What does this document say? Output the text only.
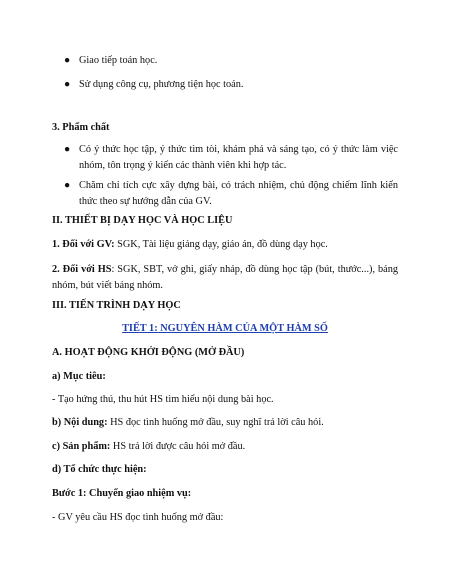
● Giao tiếp toán học.
● Sử dụng công cụ, phương tiện học toán.
3. Phẩm chất
● Có ý thức học tập, ý thức tìm tòi, khám phá và sáng tạo, có ý thức làm việc nhóm, tôn trọng ý kiến các thành viên khi hợp tác.
● Chăm chỉ tích cực xây dựng bài, có trách nhiệm, chủ động chiếm lĩnh kiến thức theo sự hướng dẫn của GV.
II. THIẾT BỊ DẠY HỌC VÀ HỌC LIỆU
1. Đối với GV: SGK, Tài liệu giảng dạy, giáo án, đồ dùng dạy học.
2. Đối với HS: SGK, SBT, vở ghi, giấy nháp, đồ dùng học tập (bút, thước...), bảng nhóm, bút viết bảng nhóm.
III. TIẾN TRÌNH DẠY HỌC
TIẾT 1: NGUYÊN HÀM CỦA MỘT HÀM SỐ
A. HOẠT ĐỘNG KHỞI ĐỘNG (MỞ ĐẦU)
a) Mục tiêu:
- Tạo hứng thú, thu hút HS tìm hiểu nội dung bài học.
b) Nội dung: HS đọc tình huống mở đầu, suy nghĩ trả lời câu hỏi.
c) Sản phẩm: HS trả lời được câu hỏi mở đầu.
d) Tổ chức thực hiện:
Bước 1: Chuyển giao nhiệm vụ:
- GV yêu cầu HS đọc tình huống mở đầu:
